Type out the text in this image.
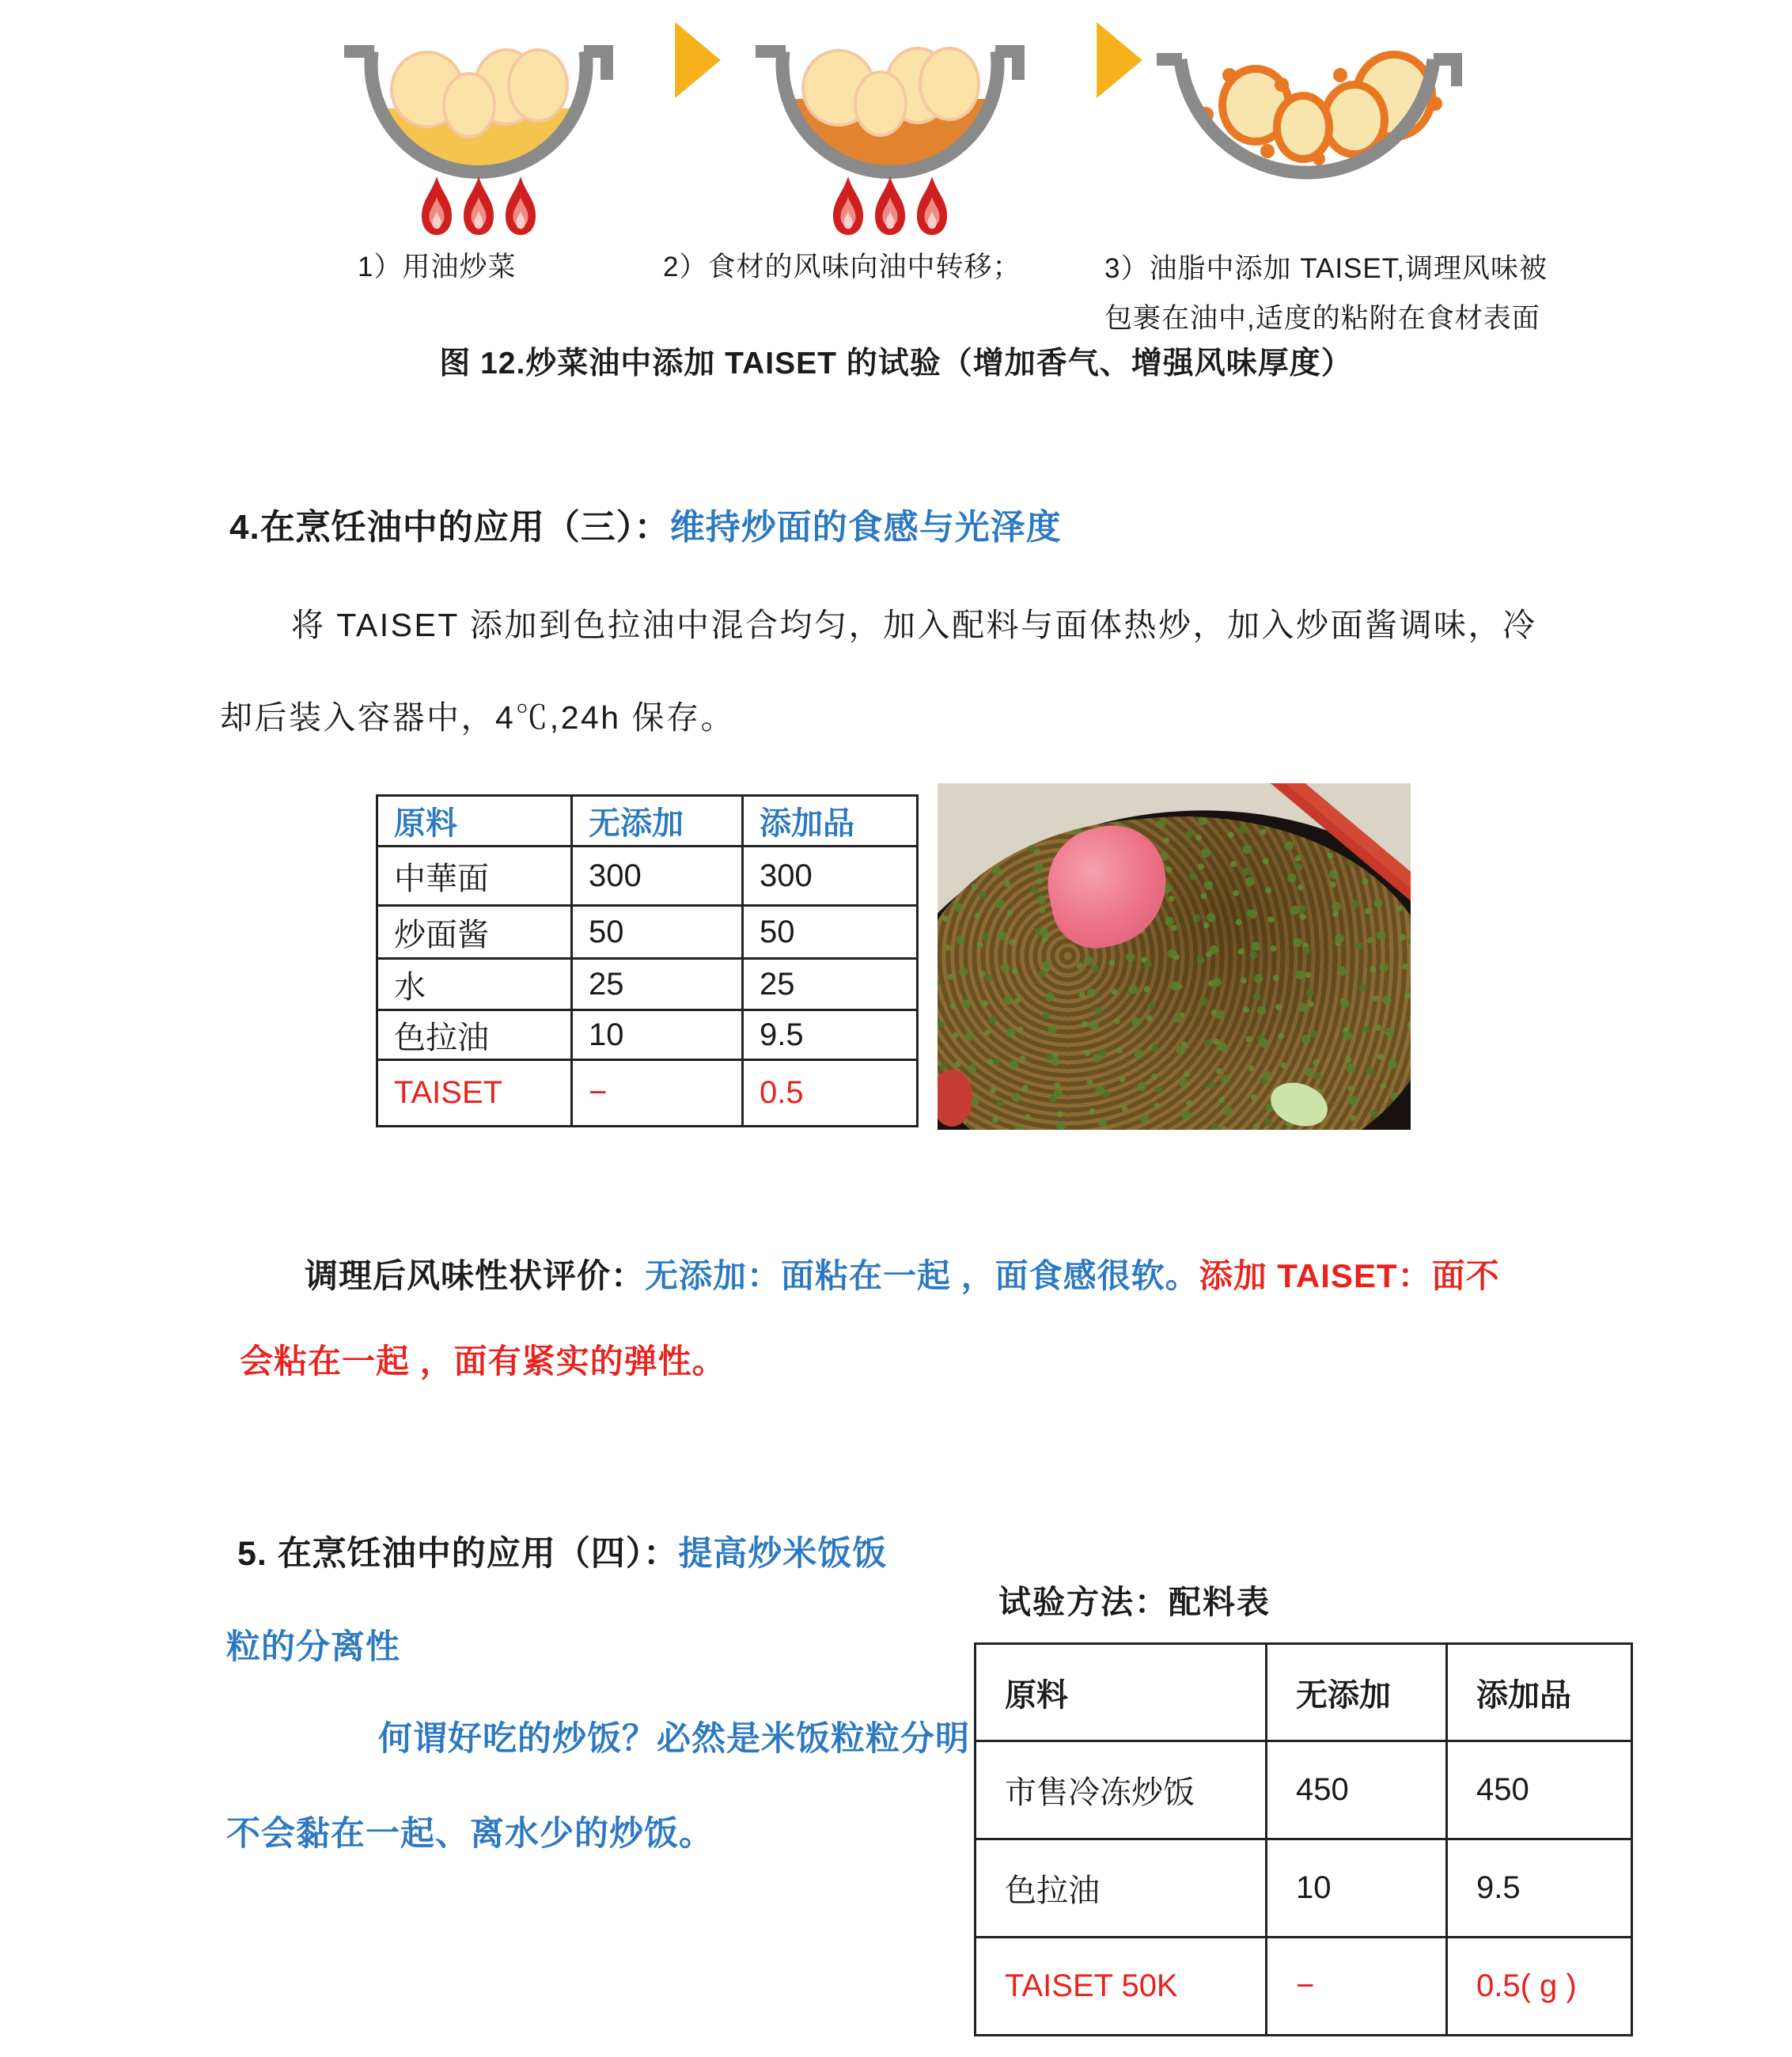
1）用油炒菜	2）食材的风味向油中转移；	3）油脂中添加 TAISET,调理风味被
包裹在油中,适度的粘附在食材表面
图 12.炒菜油中添加 TAISET 的试验（增加香气、增强风味厚度）
4.在烹饪油中的应用（三）：维持炒面的食感与光泽度
将 TAISET 添加到色拉油中混合均匀，加入配料与面体热炒，加入炒面酱调味，冷
却后装入容器中，4℃,24h 保存。
原料	无添加	添加品
中華面	300	300
炒面酱	50	50
水	25	25
色拉油	10	9.5
TAISET	−	0.5
调理后风味性状评价：无添加：面粘在一起 ，面食感很软。添加 TAISET：面不
会粘在一起 ，面有紧实的弹性。
5. 在烹饪油中的应用（四）：提高炒米饭饭
粒的分离性
何谓好吃的炒饭？必然是米饭粒粒分明
不会黏在一起、离水少的炒饭。
试验方法：配料表
原料	无添加	添加品
市售冷冻炒饭	450	450
色拉油	10	9.5
TAISET 50K	−	0.5( g )
